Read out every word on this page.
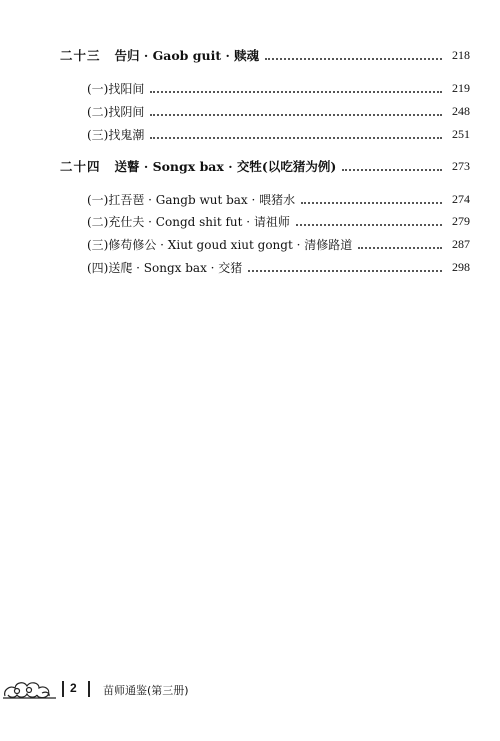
二十三 告归 · Gaob guit · 赎魂	218
(一)找阳间	219
(二)找阴间	248
(三)找鬼潮	251
二十四 送瞽 · Songx bax · 交牲(以吃猪为例)	273
(一)扛吾琶 · Gangb wut bax · 喂猪水	274
(二)充仕夫 · Congd shit fut · 请祖师	279
(三)修苟修公 · Xiut goud xiut gongt · 清修路道	287
(四)送爬 · Songx bax · 交猪	298
2 苗师通鉴(第三册)
